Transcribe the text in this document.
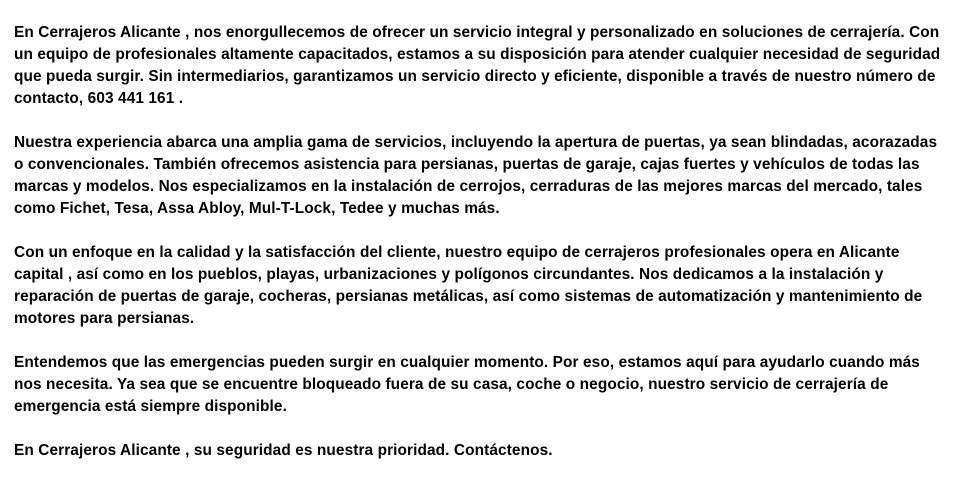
En Cerrajeros Alicante , nos enorgullecemos de ofrecer un servicio integral y personalizado en soluciones de cerrajería. Con un equipo de profesionales altamente capacitados, estamos a su disposición para atender cualquier necesidad de seguridad que pueda surgir. Sin intermediarios, garantizamos un servicio directo y eficiente, disponible a través de nuestro número de contacto, 603 441 161 .

Nuestra experiencia abarca una amplia gama de servicios, incluyendo la apertura de puertas, ya sean blindadas, acorazadas o convencionales. También ofrecemos asistencia para persianas, puertas de garaje, cajas fuertes y vehículos de todas las marcas y modelos. Nos especializamos en la instalación de cerrojos, cerraduras de las mejores marcas del mercado, tales como Fichet, Tesa, Assa Abloy, Mul-T-Lock, Tedee y muchas más.

Con un enfoque en la calidad y la satisfacción del cliente, nuestro equipo de cerrajeros profesionales opera en Alicante capital , así como en los pueblos, playas, urbanizaciones y polígonos circundantes. Nos dedicamos a la instalación y reparación de puertas de garaje, cocheras, persianas metálicas, así como sistemas de automatización y mantenimiento de motores para persianas.

Entendemos que las emergencias pueden surgir en cualquier momento. Por eso, estamos aquí para ayudarlo cuando más nos necesita. Ya sea que se encuentre bloqueado fuera de su casa, coche o negocio, nuestro servicio de cerrajería de emergencia está siempre disponible.

En Cerrajeros Alicante , su seguridad es nuestra prioridad. Contáctenos.
